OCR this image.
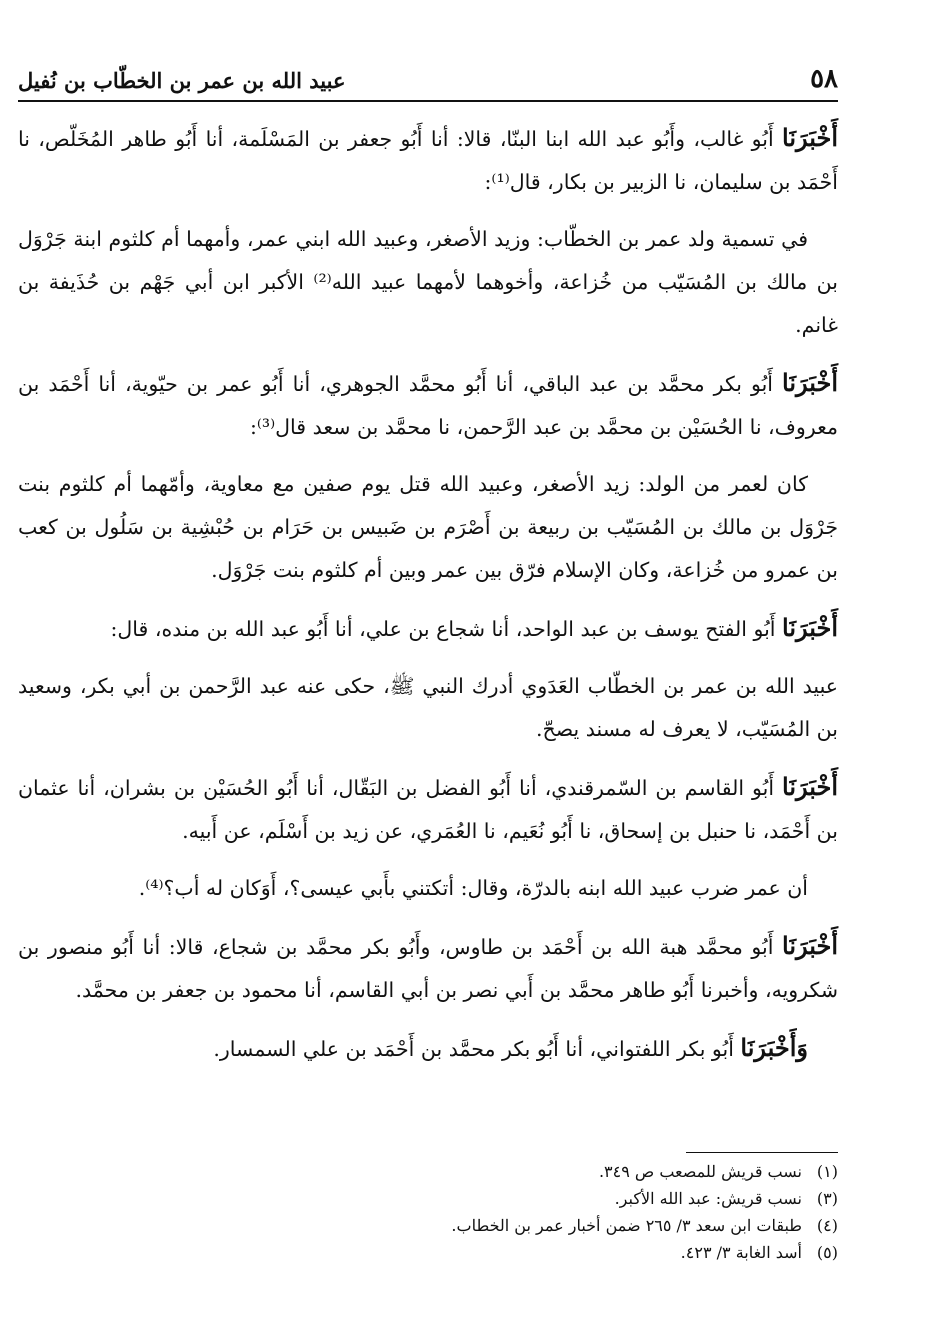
٥٨
عبيد الله بن عمر بن الخطّاب بن نُفيل

أَخْبَرَنَا أَبُو غالب، وأَبُو عبد الله ابنا البنّا، قالا: أنا أَبُو جعفر بن المَسْلَمة، أنا أَبُو طاهر المُخَلّص، نا أَحْمَد بن سليمان، نا الزبير بن بكار، قال⁽¹⁾:

في تسمية ولد عمر بن الخطّاب: وزيد الأصغر، وعبيد الله ابني عمر، وأمهما أم كلثوم ابنة جَرْوَل بن مالك بن المُسَيّب من خُزاعة، وأخوهما لأمهما عبيد الله⁽²⁾ الأكبر ابن أبي جَهْم بن حُذَيفة بن غانم.

أَخْبَرَنَا أَبُو بكر محمَّد بن عبد الباقي، أنا أَبُو محمَّد الجوهري، أنا أَبُو عمر بن حيّوية، أنا أَحْمَد بن معروف، نا الحُسَيْن بن محمَّد بن عبد الرَّحمن، نا محمَّد بن سعد قال⁽³⁾:

كان لعمر من الولد: زيد الأصغر، وعبيد الله قتل يوم صفين مع معاوية، وأمّهما أم كلثوم بنت جَرْوَل بن مالك بن المُسَيّب بن ربيعة بن أَصْرَم بن ضَبيس بن حَرَام بن حُبْشِية بن سَلُول بن كعب بن عمرو من خُزاعة، وكان الإسلام فرّق بين عمر وبين أم كلثوم بنت جَرْوَل.

أَخْبَرَنَا أَبُو الفتح يوسف بن عبد الواحد، أنا شجاع بن علي، أنا أَبُو عبد الله بن منده، قال:

عبيد الله بن عمر بن الخطّاب العَدَوي أدرك النبي ﷺ، حكى عنه عبد الرَّحمن بن أبي بكر، وسعيد بن المُسَيّب، لا يعرف له مسند يصحّ.

أَخْبَرَنَا أَبُو القاسم بن السّمرقندي، أنا أَبُو الفضل بن البَقّال، أنا أَبُو الحُسَيْن بن بشران، أنا عثمان بن أَحْمَد، نا حنبل بن إسحاق، نا أَبُو نُعَيم، نا العُمَري، عن زيد بن أَسْلَم، عن أَبيه.

أن عمر ضرب عبيد الله ابنه بالدرّة، وقال: أتكتني بأَبي عيسى؟، أَوَكان له أب؟⁽⁴⁾.

أَخْبَرَنَا أَبُو محمَّد هبة الله بن أَحْمَد بن طاوس، وأَبُو بكر محمَّد بن شجاع، قالا: أنا أَبُو منصور بن شكرويه، وأخبرنا أَبُو طاهر محمَّد بن أَبي نصر بن أبي القاسم، أنا محمود بن جعفر بن محمَّد.

وَأَخْبَرَنَا أَبُو بكر اللفتواني، أنا أَبُو بكر محمَّد بن أَحْمَد بن علي السمسار.

(١)نسب قريش للمصعب ص ٣٤٩.
(٣)نسب قريش: عبد الله الأكبر.
(٤)طبقات ابن سعد ٣/ ٢٦٥ ضمن أخبار عمر بن الخطاب.
(٥)أسد الغابة ٣/ ٤٢٣.
